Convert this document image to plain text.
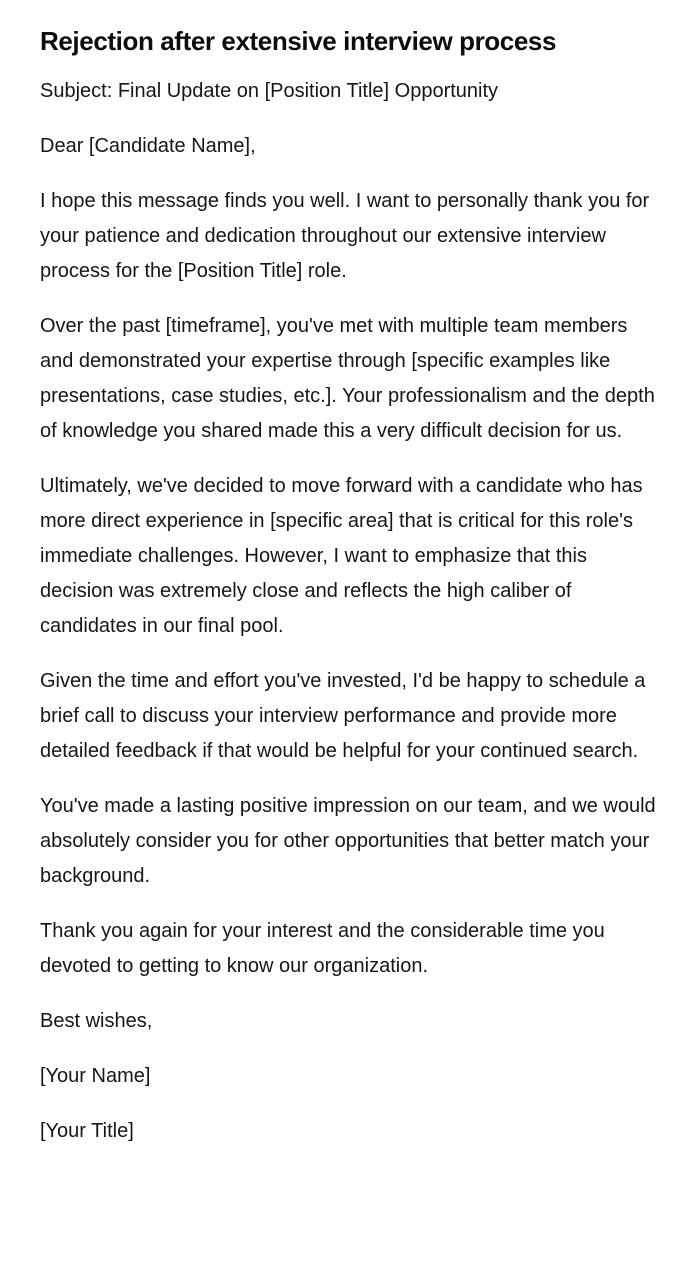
Rejection after extensive interview process

Subject: Final Update on [Position Title] Opportunity

Dear [Candidate Name],

I hope this message finds you well. I want to personally thank you for your patience and dedication throughout our extensive interview process for the [Position Title] role.

Over the past [timeframe], you've met with multiple team members and demonstrated your expertise through [specific examples like presentations, case studies, etc.]. Your professionalism and the depth of knowledge you shared made this a very difficult decision for us.

Ultimately, we've decided to move forward with a candidate who has more direct experience in [specific area] that is critical for this role's immediate challenges. However, I want to emphasize that this decision was extremely close and reflects the high caliber of candidates in our final pool.

Given the time and effort you've invested, I'd be happy to schedule a brief call to discuss your interview performance and provide more detailed feedback if that would be helpful for your continued search.

You've made a lasting positive impression on our team, and we would absolutely consider you for other opportunities that better match your background.

Thank you again for your interest and the considerable time you devoted to getting to know our organization.

Best wishes,

[Your Name]

[Your Title]
